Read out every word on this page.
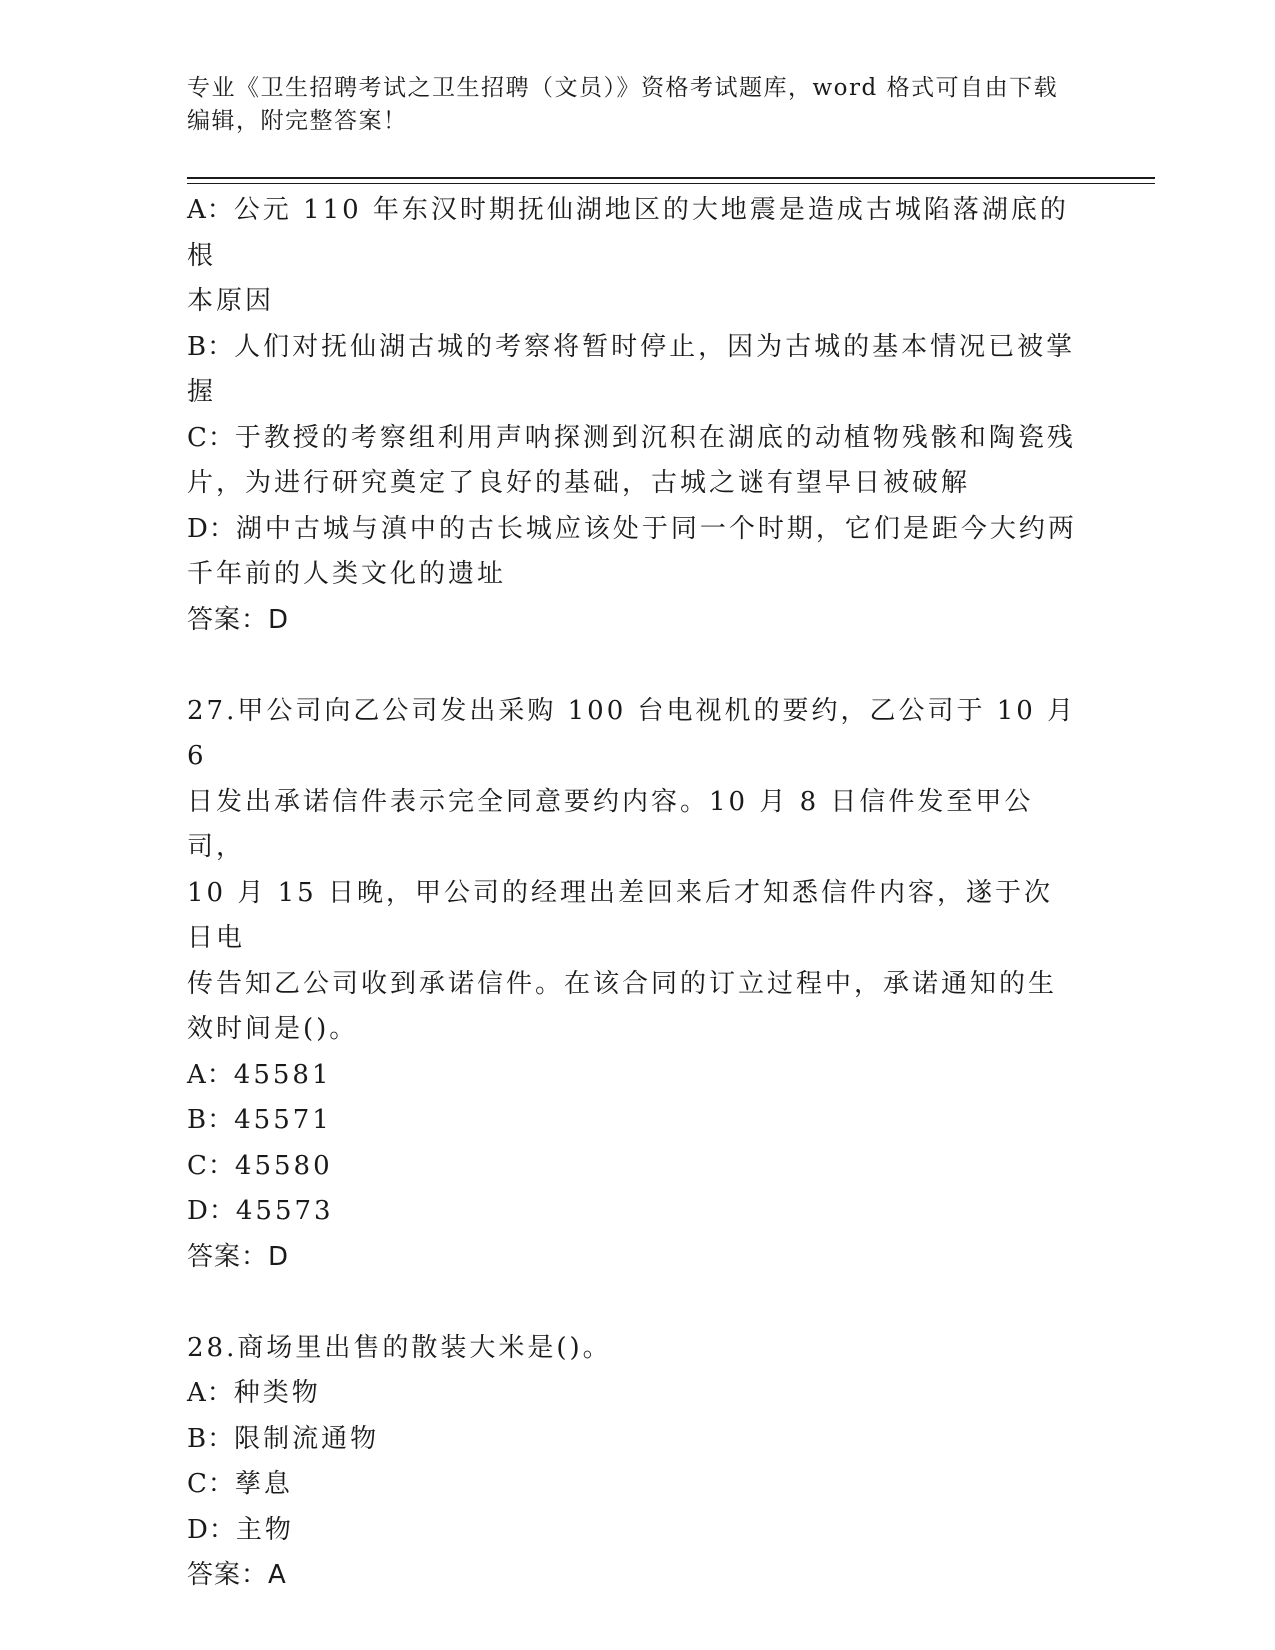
专业《卫生招聘考试之卫生招聘（文员）》资格考试题库，word 格式可自由下载
编辑，附完整答案！

A：公元 110 年东汉时期抚仙湖地区的大地震是造成古城陷落湖底的根

本原因

B：人们对抚仙湖古城的考察将暂时停止，因为古城的基本情况已被掌

握

C：于教授的考察组利用声呐探测到沉积在湖底的动植物残骸和陶瓷残

片，为进行研究奠定了良好的基础，古城之谜有望早日被破解

D：湖中古城与滇中的古长城应该处于同一个时期，它们是距今大约两

千年前的人类文化的遗址

答案：D

27.甲公司向乙公司发出采购 100 台电视机的要约，乙公司于 10 月 6

日发出承诺信件表示完全同意要约内容。10 月 8 日信件发至甲公司，

10 月 15 日晚，甲公司的经理出差回来后才知悉信件内容，遂于次日电

传告知乙公司收到承诺信件。在该合同的订立过程中，承诺通知的生

效时间是()。

A：45581

B：45571

C：45580

D：45573

答案：D

28.商场里出售的散装大米是()。

A：种类物

B：限制流通物

C：孳息

D：主物

答案：A
